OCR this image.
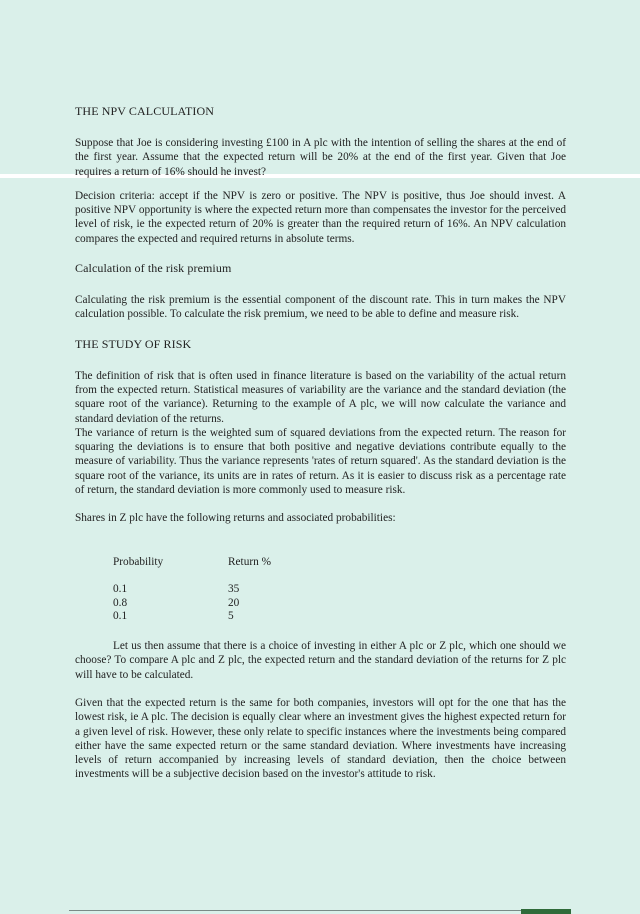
THE NPV CALCULATION

Suppose that Joe is considering investing £100 in A plc with the intention of selling the shares at the end of the first year. Assume that the expected return will be 20% at the end of the first year. Given that Joe requires a return of 16% should he invest?

Decision criteria: accept if the NPV is zero or positive. The NPV is positive, thus Joe should invest. A positive NPV opportunity is where the expected return more than compensates the investor for the perceived level of risk, ie the expected return of 20% is greater than the required return of 16%. An NPV calculation compares the expected and required returns in absolute terms.

Calculation of the risk premium

Calculating the risk premium is the essential component of the discount rate. This in turn makes the NPV calculation possible. To calculate the risk premium, we need to be able to define and measure risk.

THE STUDY OF RISK

The definition of risk that is often used in finance literature is based on the variability of the actual return from the expected return. Statistical measures of variability are the variance and the standard deviation (the square root of the variance). Returning to the example of A plc, we will now calculate the variance and standard deviation of the returns.

The variance of return is the weighted sum of squared deviations from the expected return. The reason for squaring the deviations is to ensure that both positive and negative deviations contribute equally to the measure of variability. Thus the variance represents 'rates of return squared'. As the standard deviation is the square root of the variance, its units are in rates of return. As it is easier to discuss risk as a percentage rate of return, the standard deviation is more commonly used to measure risk.

Shares in Z plc have the following returns and associated probabilities:

Probability	Return %
0.1	35
0.8	20
0.1	5

Let us then assume that there is a choice of investing in either A plc or Z plc, which one should we choose? To compare A plc and Z plc, the expected return and the standard deviation of the returns for Z plc will have to be calculated.

Given that the expected return is the same for both companies, investors will opt for the one that has the lowest risk, ie A plc. The decision is equally clear where an investment gives the highest expected return for a given level of risk. However, these only relate to specific instances where the investments being compared either have the same expected return or the same standard deviation. Where investments have increasing levels of return accompanied by increasing levels of standard deviation, then the choice between investments will be a subjective decision based on the investor's attitude to risk.
